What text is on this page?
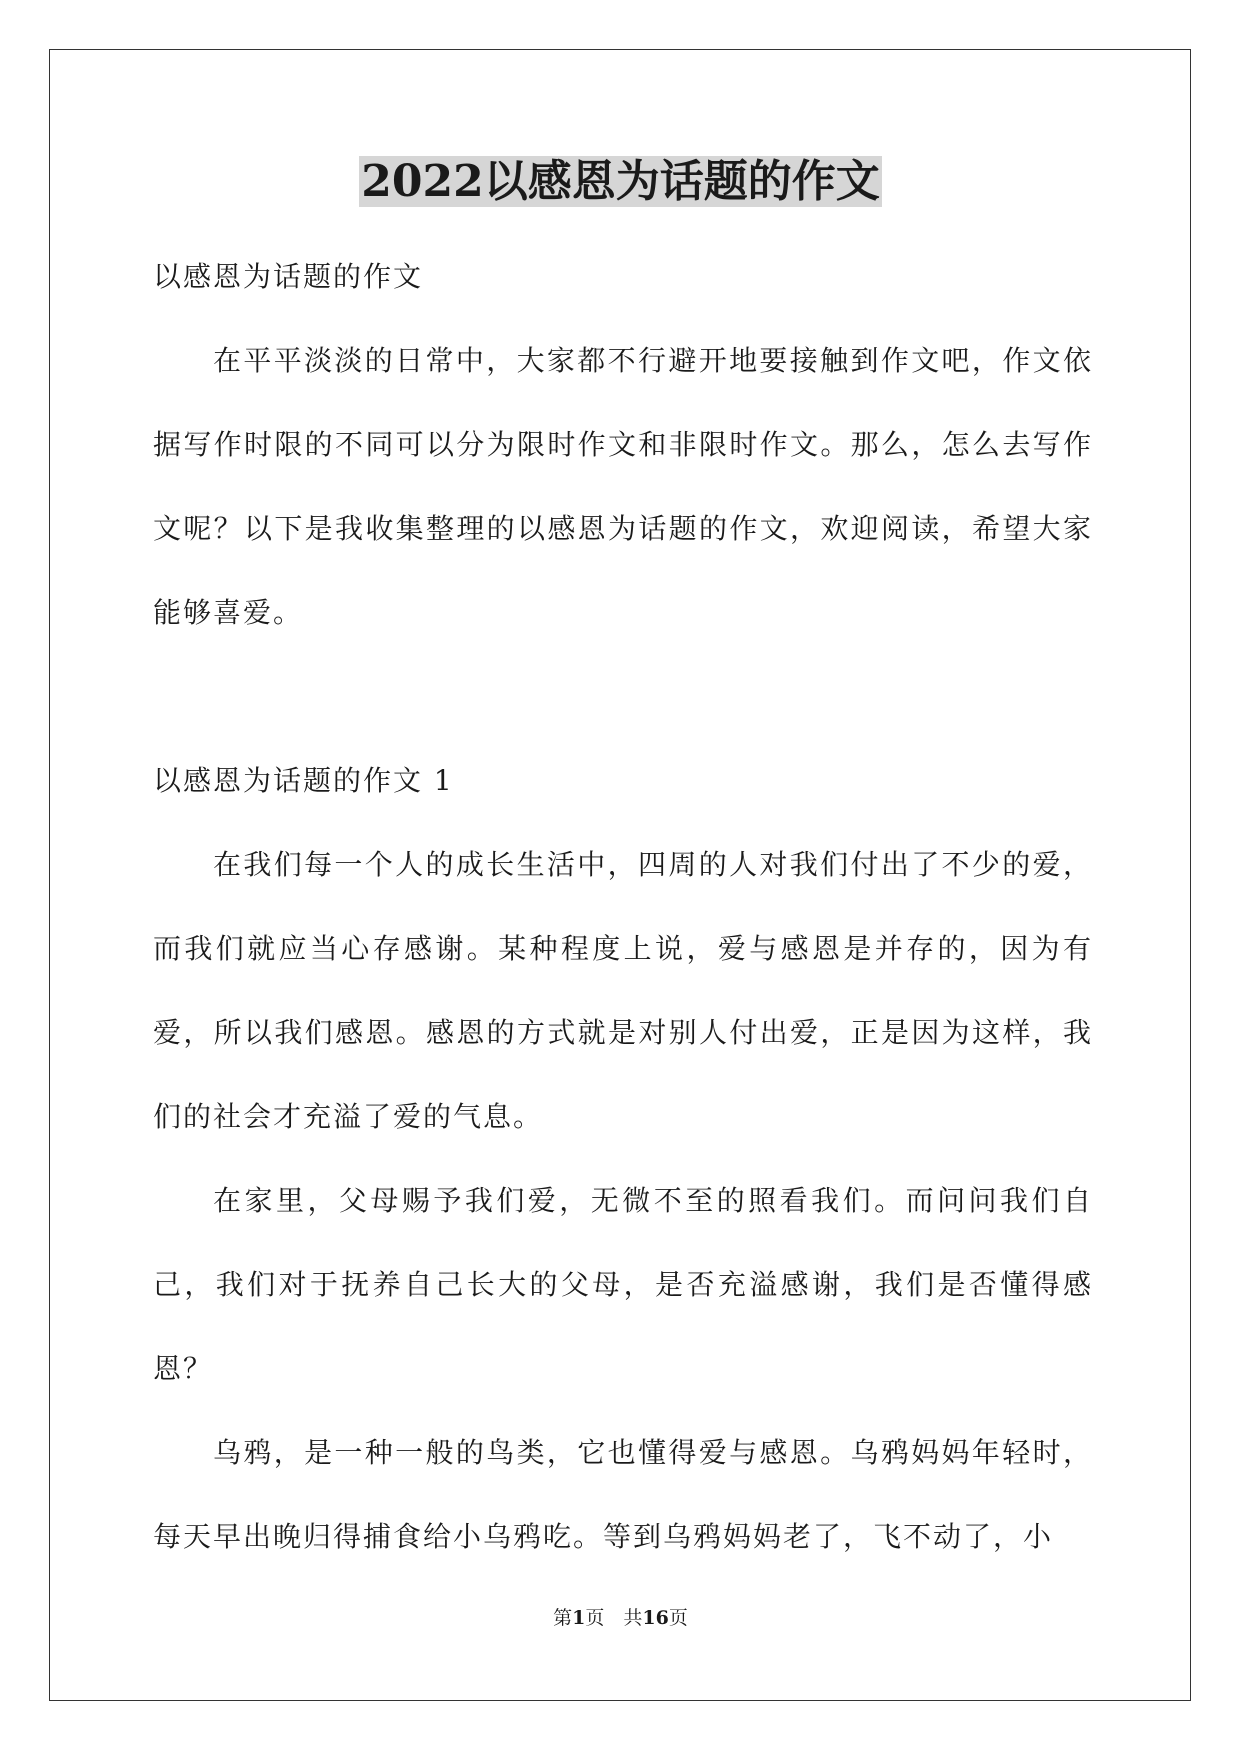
2022以感恩为话题的作文

以感恩为话题的作文

在平平淡淡的日常中，大家都不行避开地要接触到作文吧，作文依据写作时限的不同可以分为限时作文和非限时作文。那么，怎么去写作文呢？以下是我收集整理的以感恩为话题的作文，欢迎阅读，希望大家能够喜爱。

以感恩为话题的作文 1

在我们每一个人的成长生活中，四周的人对我们付出了不少的爱，而我们就应当心存感谢。某种程度上说，爱与感恩是并存的，因为有爱，所以我们感恩。感恩的方式就是对别人付出爱，正是因为这样，我们的社会才充溢了爱的气息。

在家里，父母赐予我们爱，无微不至的照看我们。而问问我们自己，我们对于抚养自己长大的父母，是否充溢感谢，我们是否懂得感恩？

乌鸦，是一种一般的鸟类，它也懂得爱与感恩。乌鸦妈妈年轻时，每天早出晚归得捕食给小乌鸦吃。等到乌鸦妈妈老了，飞不动了，小

第1页　共16页
